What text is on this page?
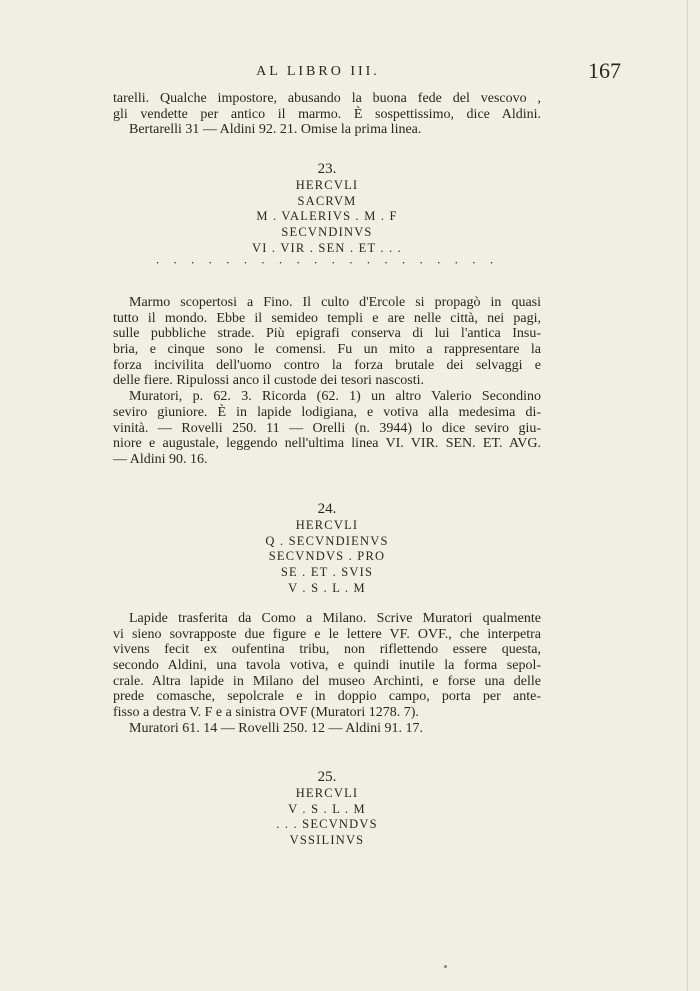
AL LIBRO III.	167
tarelli. Qualche impostore, abusando la buona fede del vescovo ,
gli vendette per antico il marmo. È sospettissimo, dice Aldini.
Bertarelli 31 — Aldini 92. 21. Omise la prima linea.
23.
HERCVLI
SACRVM
M . VALERIVS . M . F
SECVNDINVS
VI . VIR . SEN . ET . . .
· · · · · · · · · · · · · · · · · · · ·
Marmo scopertosi a Fino. Il culto d'Ercole si propagò in quasi
tutto il mondo. Ebbe il semideo templi e are nelle città, nei pagi,
sulle pubbliche strade. Più epigrafi conserva di lui l'antica Insu-
bria, e cinque sono le comensi. Fu un mito a rappresentare la
forza incivilita dell'uomo contro la forza brutale dei selvaggi e
delle fiere. Ripulossi anco il custode dei tesori nascosti.
Muratori, p. 62. 3. Ricorda (62. 1) un altro Valerio Secondino
seviro giuniore. È in lapide lodigiana, e votiva alla medesima di-
vinità. — Rovelli 250. 11 — Orelli (n. 3944) lo dice seviro giu-
niore e augustale, leggendo nell'ultima linea VI. VIR. SEN. ET. AVG.
— Aldini 90. 16.
24.
HERCVLI
Q . SECVNDIENVS
SECVNDVS . PRO
SE . ET . SVIS
V . S . L . M
Lapide trasferita da Como a Milano. Scrive Muratori qualmente
vi sieno sovrapposte due figure e le lettere VF. OVF., che interpetra
vivens fecit ex oufentina tribu, non riflettendo essere questa,
secondo Aldini, una tavola votiva, e quindi inutile la forma sepol-
crale. Altra lapide in Milano del museo Archinti, e forse una delle
prede comasche, sepolcrale e in doppio campo, porta per ante-
fisso a destra V. F e a sinistra OVF (Muratori 1278. 7).
Muratori 61. 14 — Rovelli 250. 12 — Aldini 91. 17.
25.
HERCVLI
V . S . L . M
. . . SECVNDVS
VSSILINVS
